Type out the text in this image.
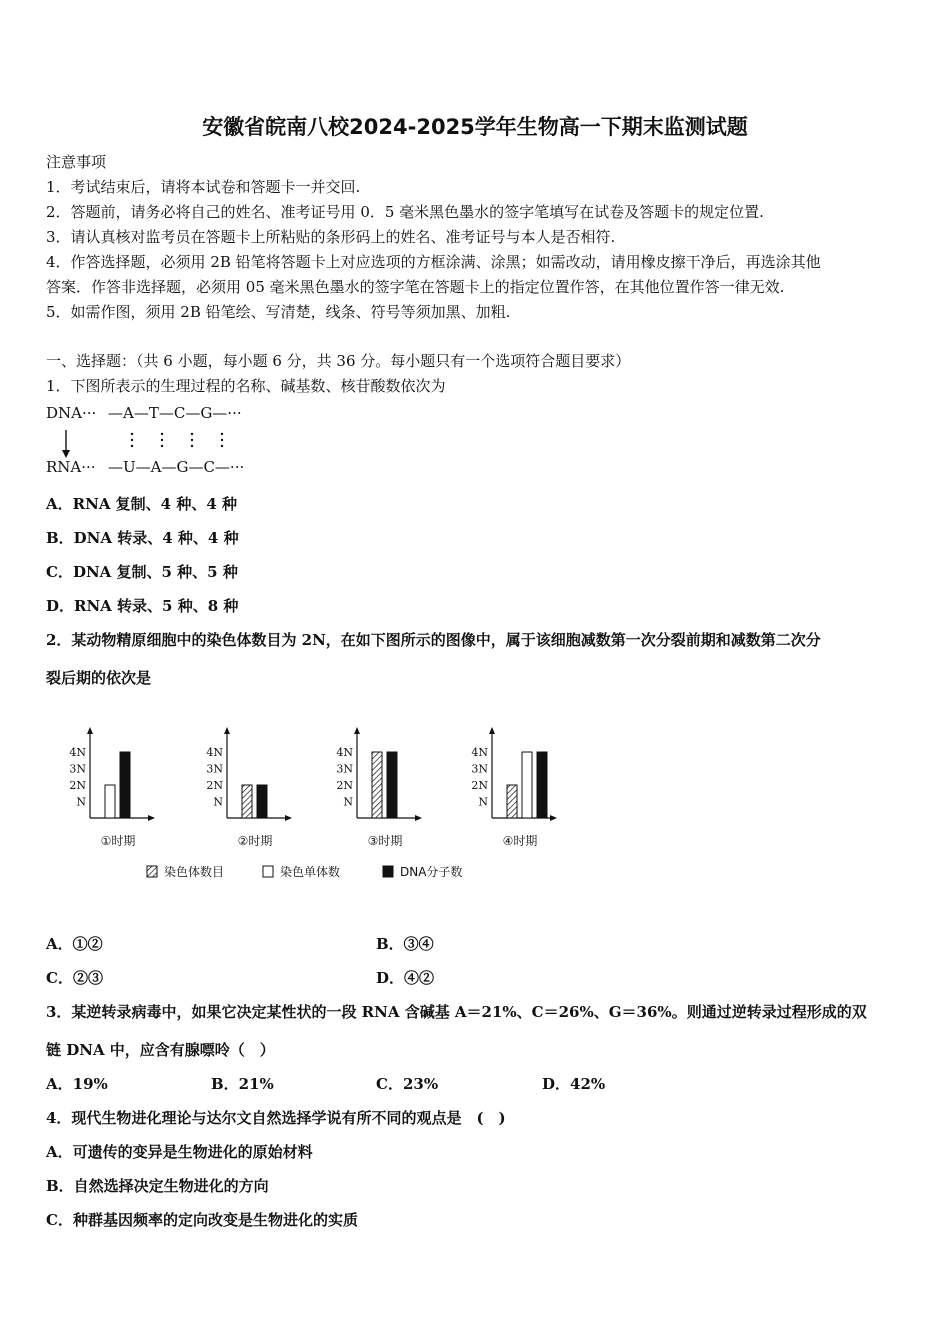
安徽省皖南八校2024-2025学年生物高一下期末监测试题
注意事项
1．考试结束后，请将本试卷和答题卡一并交回.
2．答题前，请务必将自己的姓名、准考证号用 0．5 毫米黑色墨水的签字笔填写在试卷及答题卡的规定位置.
3．请认真核对监考员在答题卡上所粘贴的条形码上的姓名、准考证号与本人是否相符.
4．作答选择题，必须用 2B 铅笔将答题卡上对应选项的方框涂满、涂黑；如需改动，请用橡皮擦干净后，再选涂其他
答案．作答非选择题，必须用 05 毫米黑色墨水的签字笔在答题卡上的指定位置作答，在其他位置作答一律无效.
5．如需作图，须用 2B 铅笔绘、写清楚，线条、符号等须加黑、加粗.
一、选择题：（共 6 小题，每小题 6 分，共 36 分。每小题只有一个选项符合题目要求）
1．下图所表示的生理过程的名称、碱基数、核苷酸数依次为
DNA··· —A—T—C—G—···
RNA··· —U—A—G—C—···
A．RNA 复制、4 种、4 种
B．DNA 转录、4 种、4 种
C．DNA 复制、5 种、5 种
D．RNA 转录、5 种、8 种
2．某动物精原细胞中的染色体数目为 2N，在如下图所示的图像中，属于该细胞减数第一次分裂前期和减数第二次分
裂后期的依次是
N
2N
3N
4N
①时期
N
2N
3N
4N
②时期
N
2N
3N
4N
③时期
N
2N
3N
4N
④时期
染色体数目	染色单体数	DNA分子数
A．①②	B．③④
C．②③	D．④②
3．某逆转录病毒中，如果它决定某性状的一段 RNA 含碱基 A＝21%、C＝26%、G＝36%。则通过逆转录过程形成的双
链 DNA 中，应含有腺嘌呤（　）
A．19%	B．21%	C．23%	D．42%
4．现代生物进化理论与达尔文自然选择学说有所不同的观点是　(　)
A．可遗传的变异是生物进化的原始材料
B．自然选择决定生物进化的方向
C．种群基因频率的定向改变是生物进化的实质
